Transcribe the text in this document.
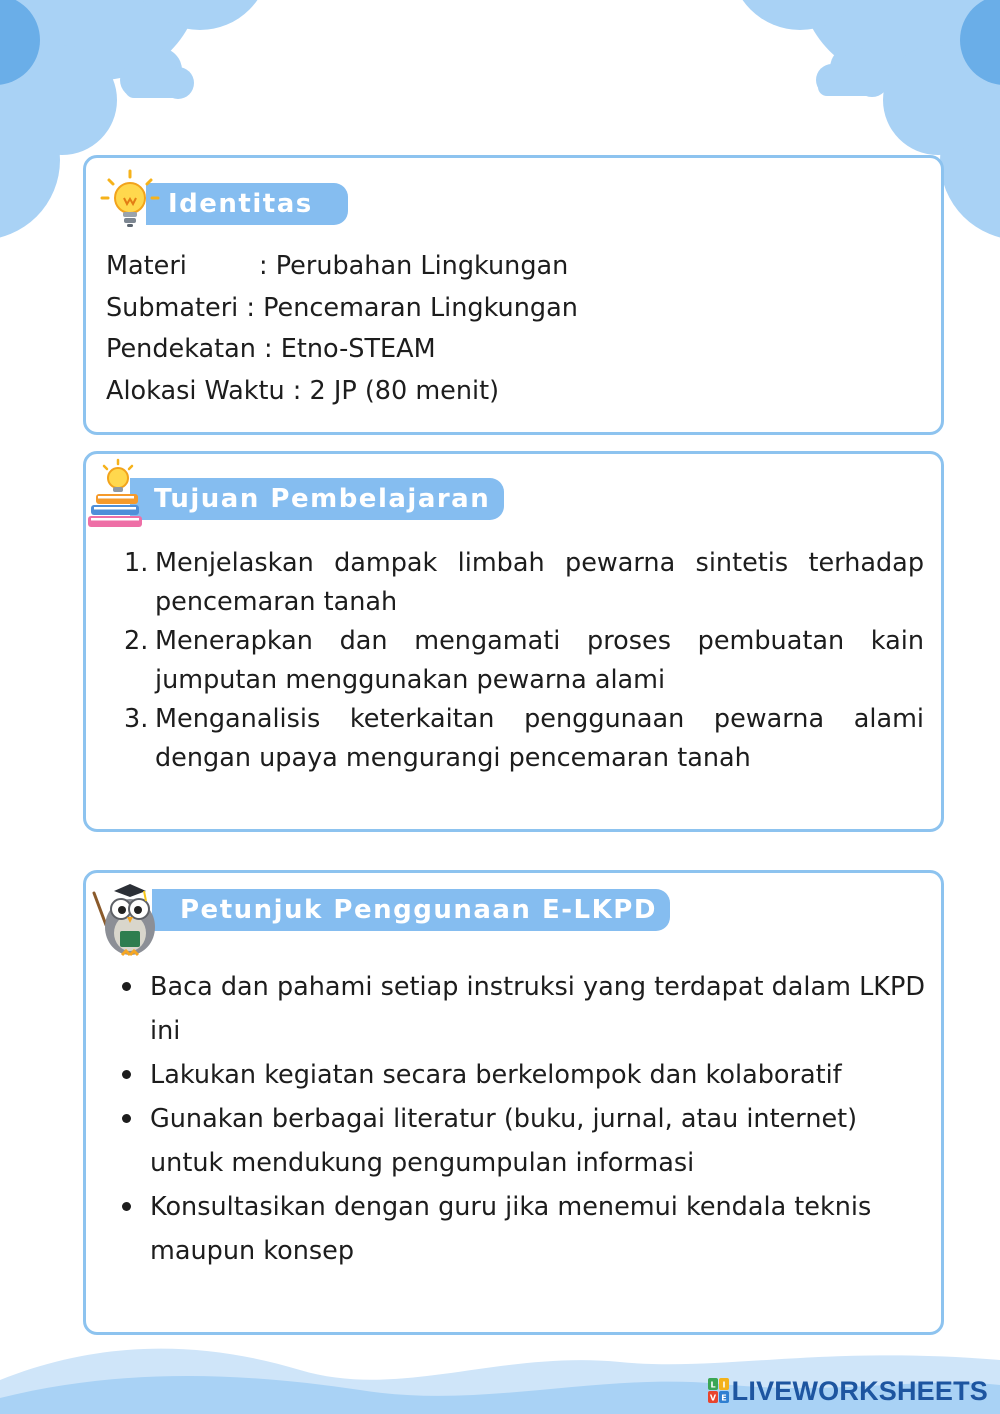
Identitas
Materi	: Perubahan Lingkungan
Submateri : Pencemaran Lingkungan
Pendekatan : Etno-STEAM
Alokasi Waktu : 2 JP (80 menit)
Tujuan Pembelajaran
1. Menjelaskan dampak limbah pewarna sintetis terhadap pencemaran tanah
2. Menerapkan dan mengamati proses pembuatan kain jumputan menggunakan pewarna alami
3. Menganalisis keterkaitan penggunaan pewarna alami dengan upaya mengurangi pencemaran tanah
Petunjuk Penggunaan E-LKPD
Baca dan pahami setiap instruksi yang terdapat dalam LKPD ini
Lakukan kegiatan secara berkelompok dan kolaboratif
Gunakan berbagai literatur (buku, jurnal, atau internet) untuk mendukung pengumpulan informasi
Konsultasikan dengan guru jika menemui kendala teknis maupun konsep
L I
V E LIVEWORKSHEETS
